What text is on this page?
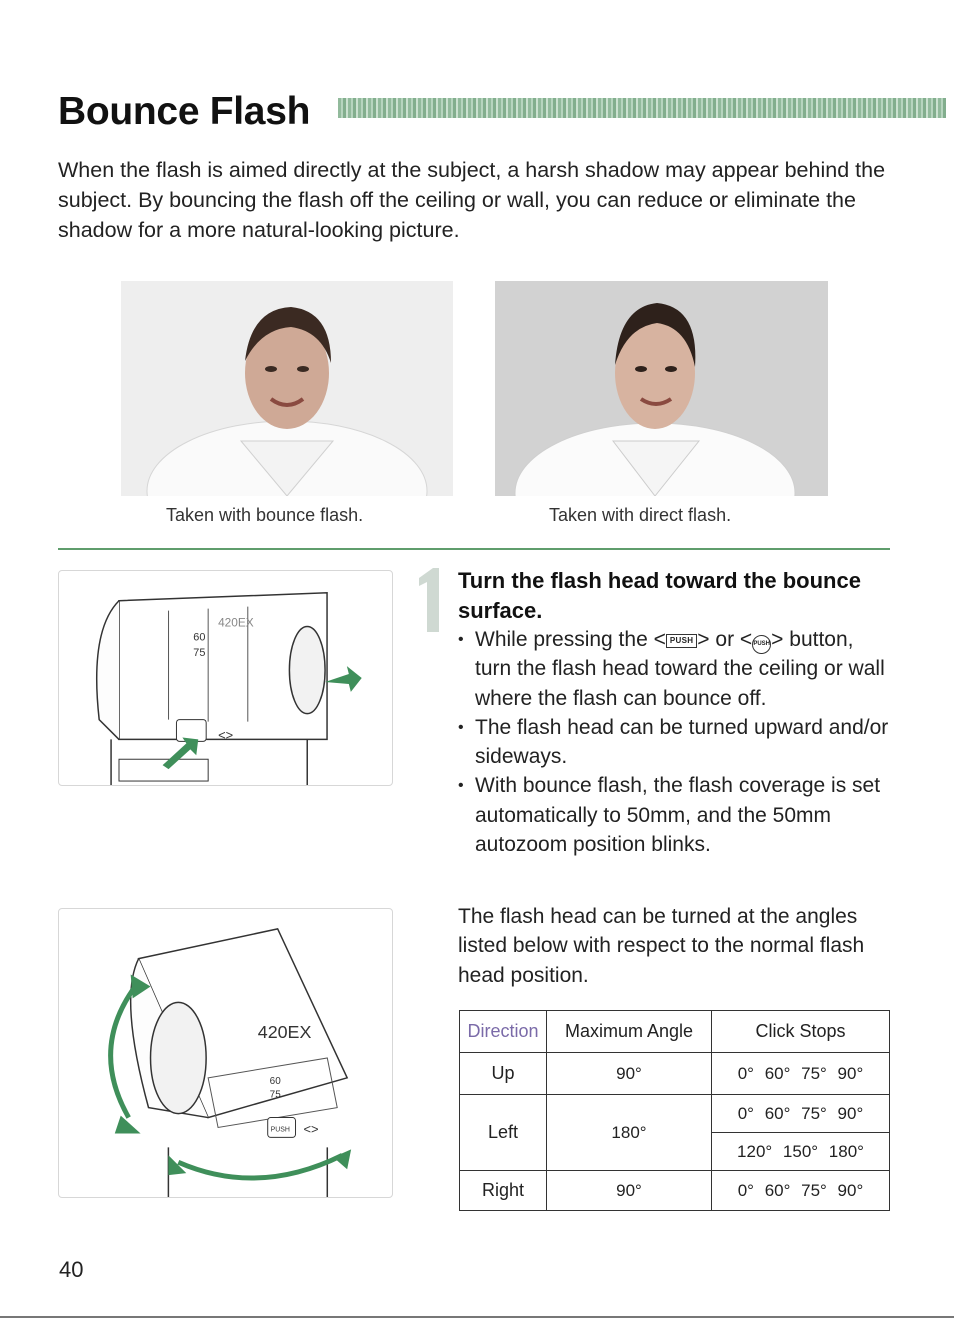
Bounce Flash

When the flash is aimed directly at the subject, a harsh shadow may appear behind the subject. By bouncing the flash off the ceiling or wall, you can reduce or eliminate the shadow for a more natural-looking picture.

Taken with bounce flash.	Taken with direct flash.
60
75
420EX
<>
Turn the flash head toward the bounce surface.
• While pressing the < PUSH > or <PUSH> button, turn the flash head toward the ceiling or wall where the flash can bounce off.
• The flash head can be turned upward and/or sideways.
• With bounce flash, the flash coverage is set automatically to 50mm, and the 50mm autozoom position blinks.
420EX
60
75
PUSH <>

The flash head can be turned at the angles listed below with respect to the normal flash head position.

Direction	Maximum Angle	Click Stops
Up	90°	0° 60° 75° 90°
Left	180°	0° 60° 75° 90°
		120° 150° 180°
Right	90°	0° 60° 75° 90°
40
